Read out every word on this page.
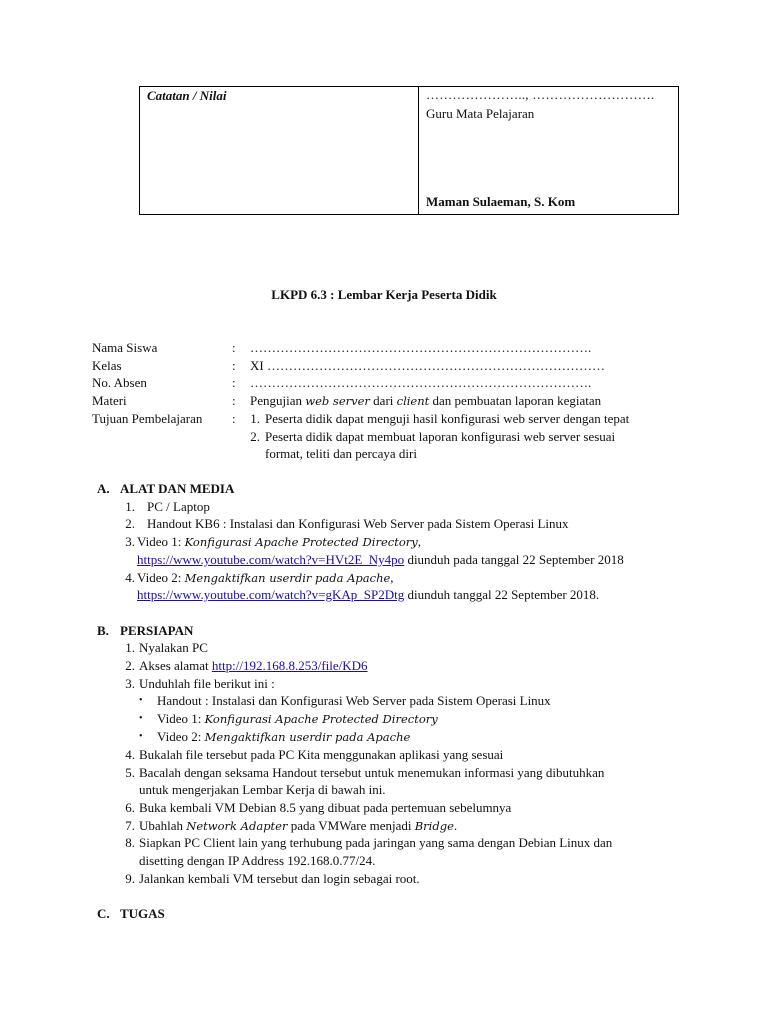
Catatan / Nilai	………………….., ……………………….
Guru Mata Pelajaran
Maman Sulaeman, S. Kom
LKPD 6.3 : Lembar Kerja Peserta Didik
Nama Siswa	: …………………………………………………………………….
Kelas	: XI ……………………………………………………………………
No. Absen	: …………………………………………………………………….
Materi	: Pengujian web server dari client dan pembuatan laporan kegiatan
Tujuan Pembelajaran :	1. Peserta didik dapat menguji hasil konfigurasi web server dengan tepat
2. Peserta didik dapat membuat laporan konfigurasi web server sesuai
format, teliti dan percaya diri
A. ALAT DAN MEDIA
1. PC / Laptop
2. Handout KB6 : Instalasi dan Konfigurasi Web Server pada Sistem Operasi Linux
3. Video 1: Konfigurasi Apache Protected Directory,
https://www.youtube.com/watch?v=HVt2E_Ny4po diunduh pada tanggal 22 September 2018
4. Video 2: Mengaktifkan userdir pada Apache,
https://www.youtube.com/watch?v=gKAp_SP2Dtg diunduh tanggal 22 September 2018.
B. PERSIAPAN
1. Nyalakan PC
2. Akses alamat http://192.168.8.253/file/KD6
3. Unduhlah file berikut ini :
• Handout : Instalasi dan Konfigurasi Web Server pada Sistem Operasi Linux
• Video 1: Konfigurasi Apache Protected Directory
• Video 2: Mengaktifkan userdir pada Apache
4. Bukalah file tersebut pada PC Kita menggunakan aplikasi yang sesuai
5. Bacalah dengan seksama Handout tersebut untuk menemukan informasi yang dibutuhkan
untuk mengerjakan Lembar Kerja di bawah ini.
6. Buka kembali VM Debian 8.5 yang dibuat pada pertemuan sebelumnya
7. Ubahlah Network Adapter pada VMWare menjadi Bridge.
8. Siapkan PC Client lain yang terhubung pada jaringan yang sama dengan Debian Linux dan
disetting dengan IP Address 192.168.0.77/24.
9. Jalankan kembali VM tersebut dan login sebagai root.
C. TUGAS
